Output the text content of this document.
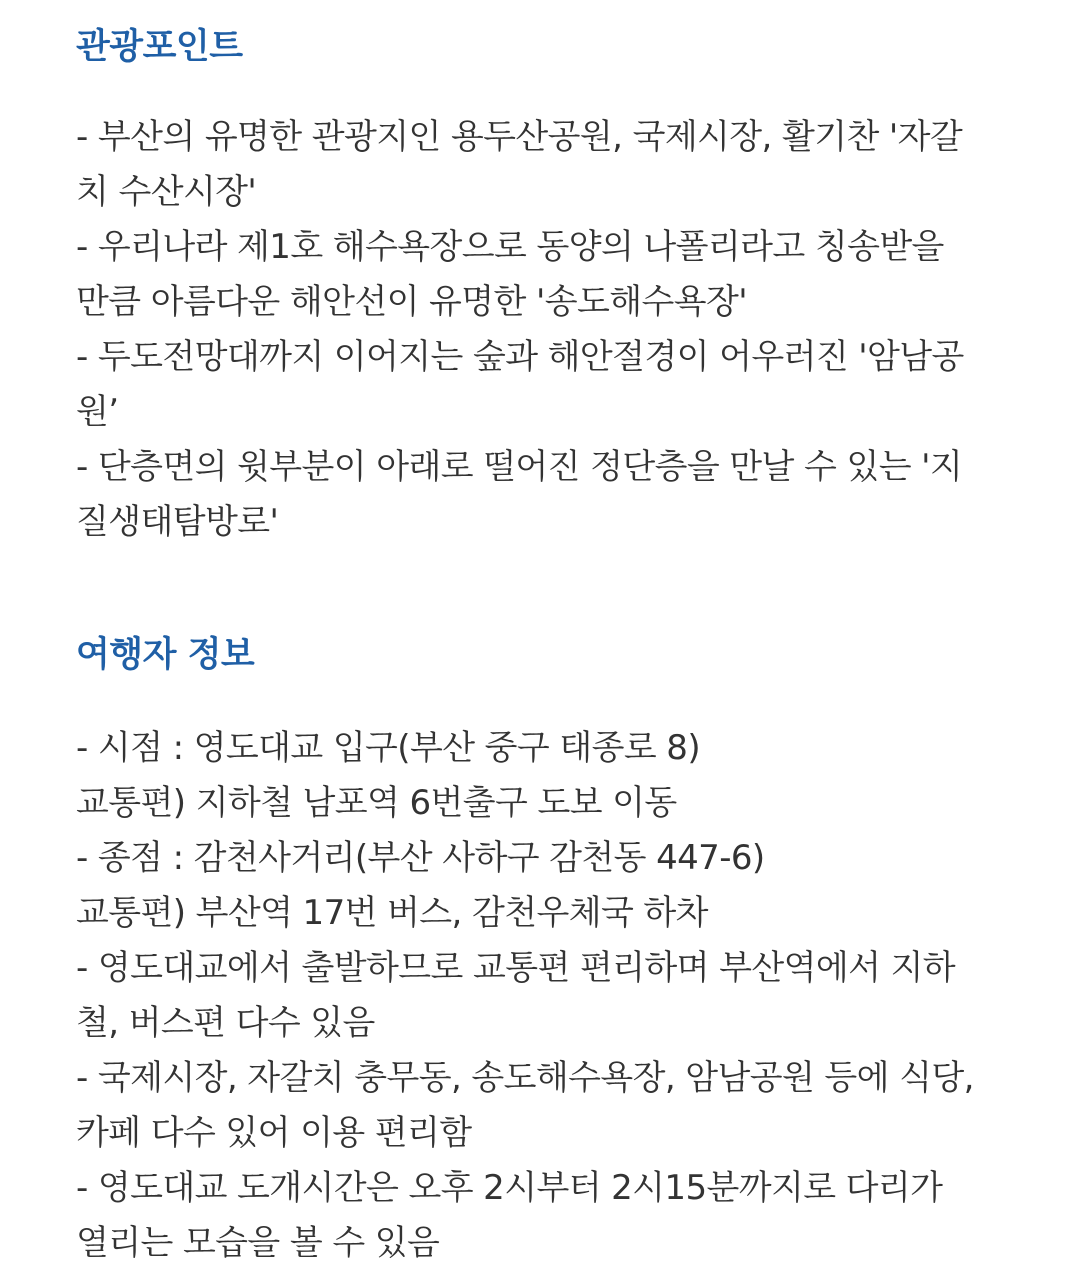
관광포인트

- 부산의 유명한 관광지인 용두산공원, 국제시장, 활기찬 '자갈
치 수산시장'
- 우리나라 제1호 해수욕장으로 동양의 나폴리라고 칭송받을
만큼 아름다운 해안선이 유명한 '송도해수욕장'
- 두도전망대까지 이어지는 숲과 해안절경이 어우러진 '암남공
원’
- 단층면의 윗부분이 아래로 떨어진 정단층을 만날 수 있는 '지
질생태탐방로'

여행자 정보

- 시점 : 영도대교 입구(부산 중구 태종로 8)
교통편) 지하철 남포역 6번출구 도보 이동
- 종점 : 감천사거리(부산 사하구 감천동 447-6)
교통편) 부산역 17번 버스, 감천우체국 하차
- 영도대교에서 출발하므로 교통편 편리하며 부산역에서 지하
철, 버스편 다수 있음
- 국제시장, 자갈치 충무동, 송도해수욕장, 암남공원 등에 식당,
카페 다수 있어 이용 편리함
- 영도대교 도개시간은 오후 2시부터 2시15분까지로 다리가
열리는 모습을 볼 수 있음
